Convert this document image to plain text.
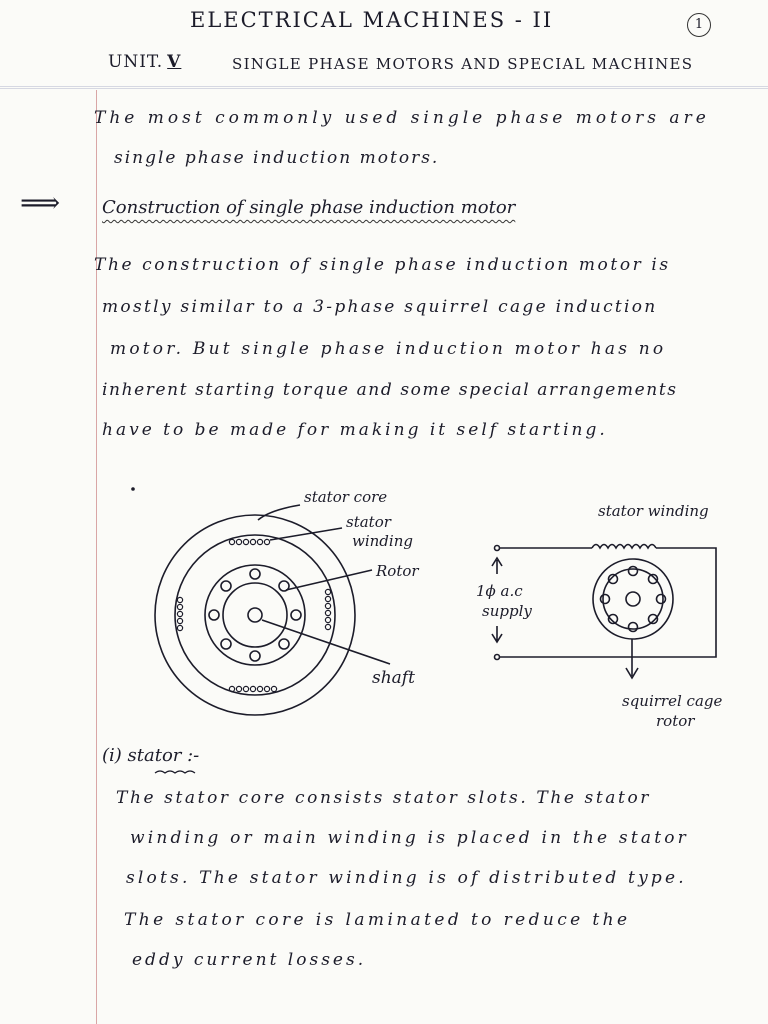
ELECTRICAL MACHINES - II	1
UNIT. V	SINGLE PHASE MOTORS AND SPECIAL MACHINES
The most commonly used single phase motors are
single phase induction motors.
⟹ Construction of single phase induction motor
The construction of single phase induction motor is
mostly similar to a 3-phase squirrel cage induction
motor. But single phase induction motor has no
inherent starting torque and some special arrangements
have to be made for making it self starting.
stator core
stator
winding
Rotor
shaft
stator winding
1ϕ a.c
supply
squirrel cage
rotor
(i) stator :-
The stator core consists stator slots. The stator
winding or main winding is placed in the stator
slots. The stator winding is of distributed type.
The stator core is laminated to reduce the
eddy current losses.
